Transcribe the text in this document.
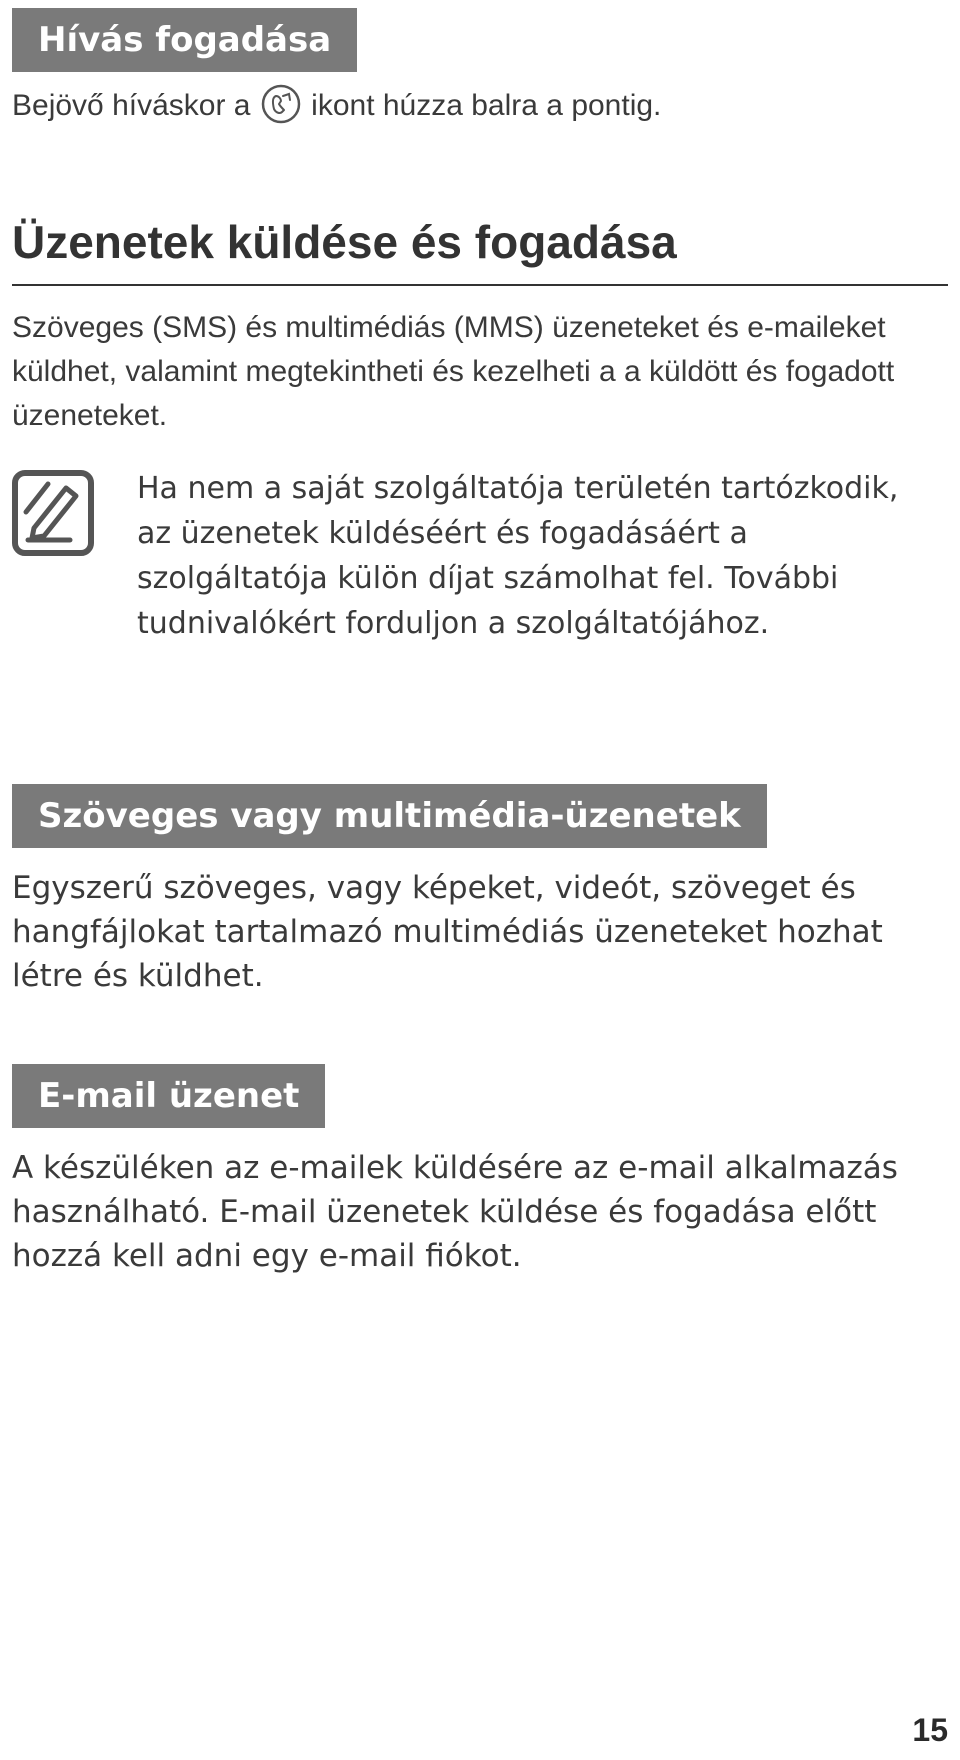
Hívás fogadása

Bejövő híváskor a ikont húzza balra a pontig.

Üzenetek küldése és fogadása

Szöveges (SMS) és multimédiás (MMS) üzeneteket és e-maileket küldhet, valamint megtekintheti és kezelheti a a küldött és fogadott üzeneteket.

Ha nem a saját szolgáltatója területén tartózkodik, az üzenetek küldéséért és fogadásáért a szolgáltatója külön díjat számolhat fel. További tudnivalókért forduljon a szolgáltatójához.

Szöveges vagy multimédia-üzenetek

Egyszerű szöveges, vagy képeket, videót, szöveget és hangfájlokat tartalmazó multimédiás üzeneteket hozhat létre és küldhet.

E-mail üzenet

A készüléken az e-mailek küldésére az e-mail alkalmazás használható. E-mail üzenetek küldése és fogadása előtt hozzá kell adni egy e-mail fiókot.

15
